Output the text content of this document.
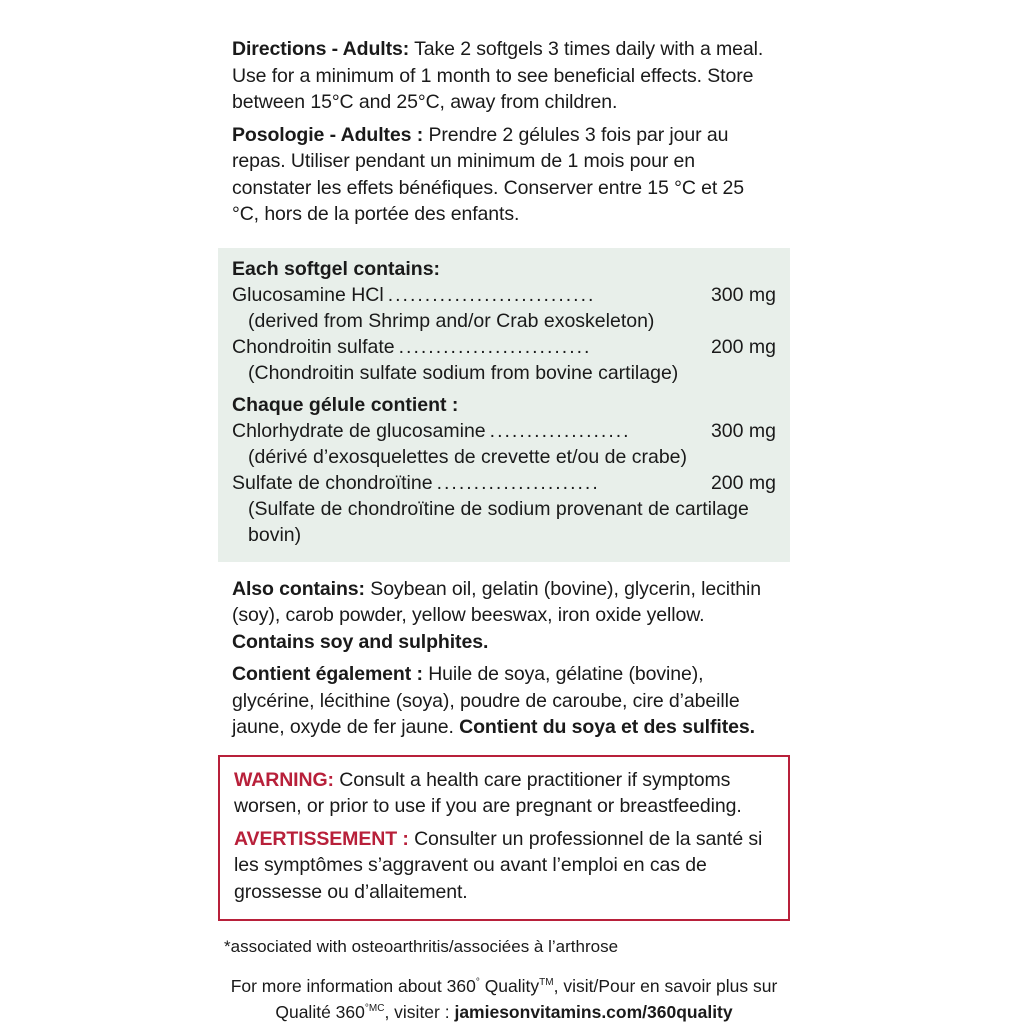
Directions - Adults: Take 2 softgels 3 times daily with a meal. Use for a minimum of 1 month to see beneficial effects. Store between 15°C and 25°C, away from children.

Posologie - Adultes : Prendre 2 gélules 3 fois par jour au repas. Utiliser pendant un minimum de 1 mois pour en constater les effets bénéfiques. Conserver entre 15 °C et 25 °C, hors de la portée des enfants.

Each softgel contains:
Glucosamine HCl ............................	300 mg
(derived from Shrimp and/or Crab exoskeleton)
Chondroitin sulfate ..........................	200 mg
(Chondroitin sulfate sodium from bovine cartilage)
Chaque gélule contient :
Chlorhydrate de glucosamine ...................	300 mg
(dérivé d’exosquelettes de crevette et/ou de crabe)
Sulfate de chondroïtine ......................	200 mg
(Sulfate de chondroïtine de sodium provenant de cartilage bovin)

Also contains: Soybean oil, gelatin (bovine), glycerin, lecithin (soy), carob powder, yellow beeswax, iron oxide yellow.
Contains soy and sulphites.

Contient également : Huile de soya, gélatine (bovine), glycérine, lécithine (soya), poudre de caroube, cire d’abeille jaune, oxyde de fer jaune. Contient du soya et des sulfites.

WARNING: Consult a health care practitioner if symptoms worsen, or prior to use if you are pregnant or breastfeeding.

AVERTISSEMENT : Consulter un professionnel de la santé si les symptômes s’aggravent ou avant l’emploi en cas de grossesse ou d’allaitement.

*associated with osteoarthritis/associées à l’arthrose
For more information about 360° Quality™, visit/Pour en savoir plus sur Qualité $360^{^\circ MC}$, visiter : jamiesonvitamins.com/360quality
